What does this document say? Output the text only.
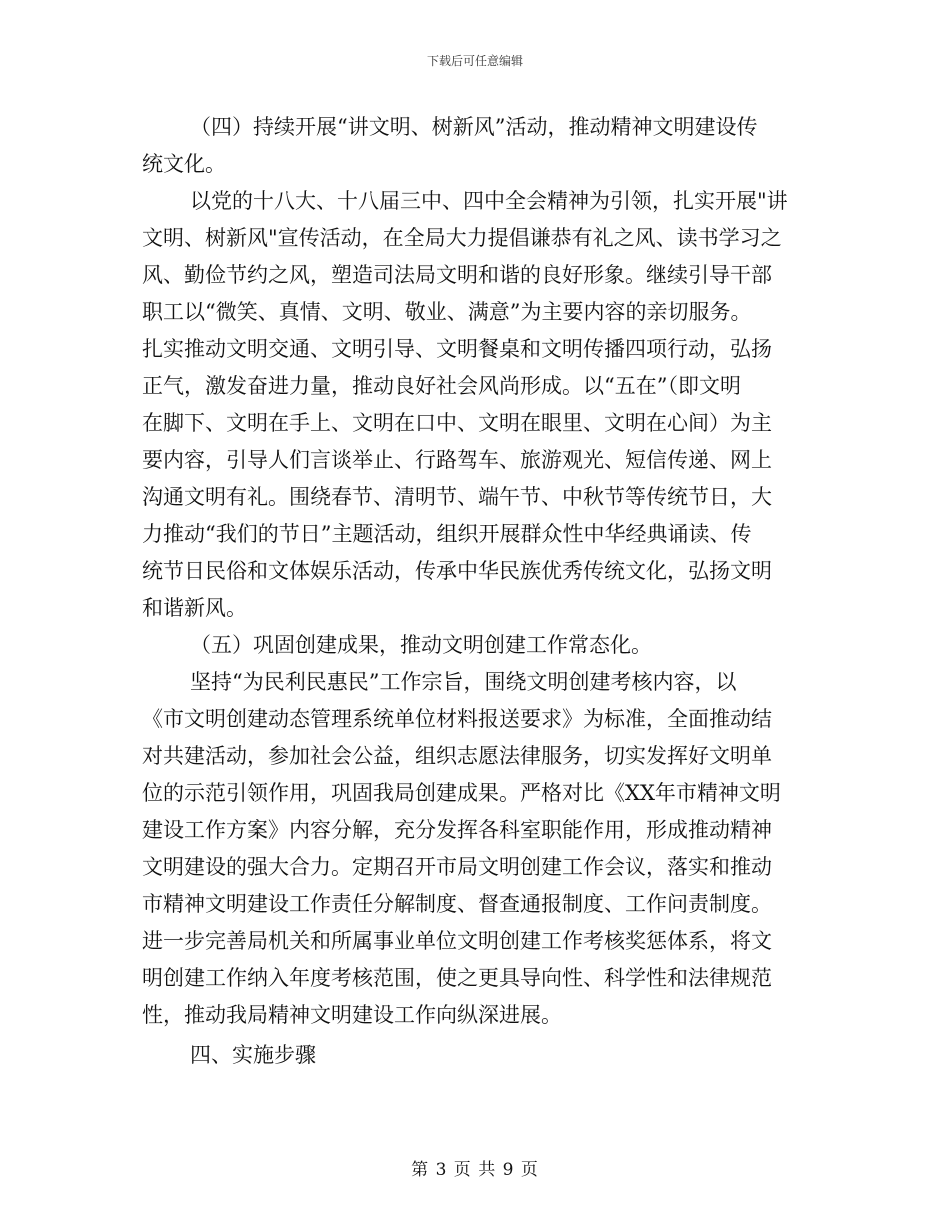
下载后可任意编辑
（四）持续开展“讲文明、树新风”活动，推动精神文明建设传
统文化。
以党的十八大、十八届三中、四中全会精神为引领，扎实开展"讲
文明、树新风"宣传活动，在全局大力提倡谦恭有礼之风、读书学习之
风、勤俭节约之风，塑造司法局文明和谐的良好形象。继续引导干部
职工以“微笑、真情、文明、敬业、满意”为主要内容的亲切服务。
扎实推动文明交通、文明引导、文明餐桌和文明传播四项行动，弘扬
正气，激发奋进力量，推动良好社会风尚形成。以“五在”（即文明
在脚下、文明在手上、文明在口中、文明在眼里、文明在心间）为主
要内容，引导人们言谈举止、行路驾车、旅游观光、短信传递、网上
沟通文明有礼。围绕春节、清明节、端午节、中秋节等传统节日，大
力推动“我们的节日”主题活动，组织开展群众性中华经典诵读、传
统节日民俗和文体娱乐活动，传承中华民族优秀传统文化，弘扬文明
和谐新风。
（五）巩固创建成果，推动文明创建工作常态化。
坚持“为民利民惠民”工作宗旨，围绕文明创建考核内容，以
《市文明创建动态管理系统单位材料报送要求》为标准，全面推动结
对共建活动，参加社会公益，组织志愿法律服务，切实发挥好文明单
位的示范引领作用，巩固我局创建成果。严格对比《XX年市精神文明
建设工作方案》内容分解，充分发挥各科室职能作用，形成推动精神
文明建设的强大合力。定期召开市局文明创建工作会议，落实和推动
市精神文明建设工作责任分解制度、督查通报制度、工作问责制度。
进一步完善局机关和所属事业单位文明创建工作考核奖惩体系，将文
明创建工作纳入年度考核范围，使之更具导向性、科学性和法律规范
性，推动我局精神文明建设工作向纵深进展。
四、实施步骤
第 3 页 共 9 页
